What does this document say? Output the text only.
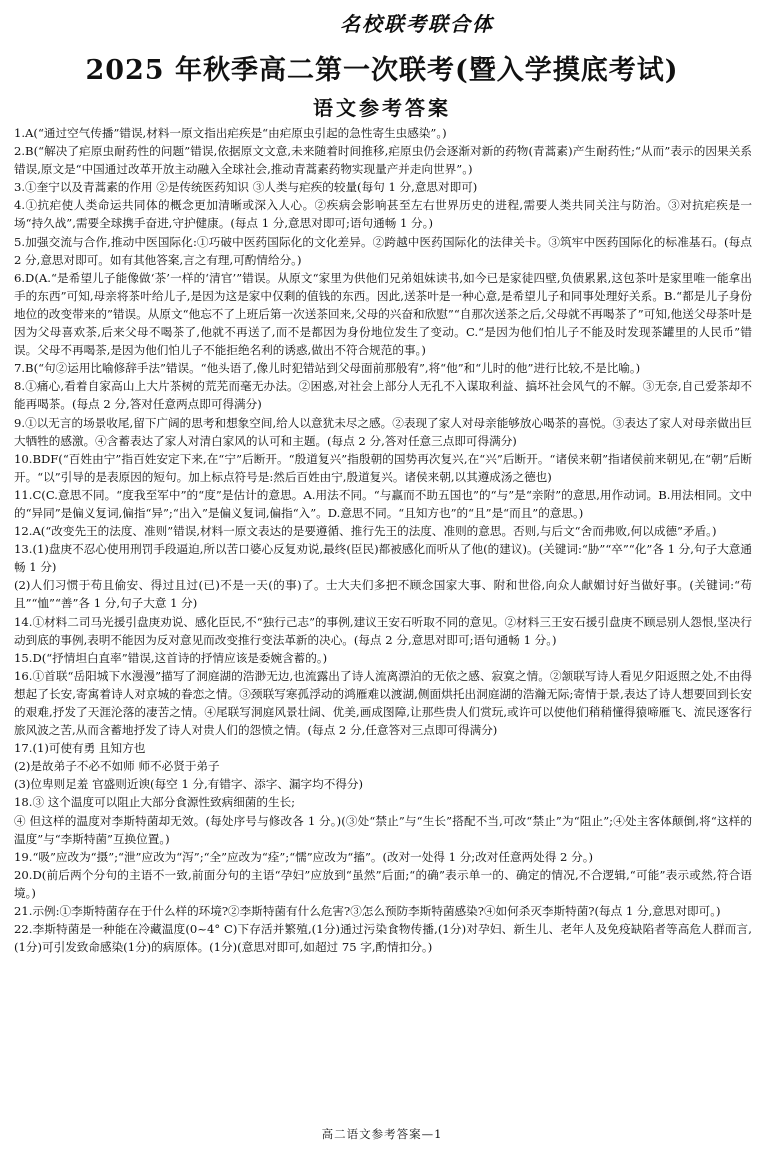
名校联考联合体
2025 年秋季高二第一次联考(暨入学摸底考试)
语文参考答案

1.A(“通过空气传播”错误,材料一原文指出疟疾是“由疟原虫引起的急性寄生虫感染”。)

2.B(“解决了疟原虫耐药性的问题”错误,依据原文文意,未来随着时间推移,疟原虫仍会逐渐对新的药物(青蒿素)产生耐药性;“从而”表示的因果关系错误,原文是“中国通过改革开放主动融入全球社会,推动青蒿素药物实现量产并走向世界”。)

3.①奎宁以及青蒿素的作用 ②是传统医药知识 ③人类与疟疾的较量(每句 1 分,意思对即可)

4.①抗疟使人类命运共同体的概念更加清晰或深入人心。②疾病会影响甚至左右世界历史的进程,需要人类共同关注与防治。③对抗疟疾是一场“持久战”,需要全球携手奋进,守护健康。(每点 1 分,意思对即可;语句通畅 1 分。)

5.加强交流与合作,推动中医国际化:①巧破中医药国际化的文化差异。②跨越中医药国际化的法律关卡。③筑牢中医药国际化的标准基石。(每点 2 分,意思对即可。如有其他答案,言之有理,可酌情给分。)

6.D(A.“是希望儿子能像做‘茶’一样的‘清官’”错误。从原文“家里为供他们兄弟姐妹读书,如今已是家徒四壁,负债累累,这包茶叶是家里唯一能拿出手的东西”可知,母亲将茶叶给儿子,是因为这是家中仅剩的值钱的东西。因此,送茶叶是一种心意,是希望儿子和同事处理好关系。B.“都是儿子身份地位的改变带来的”错误。从原文“他忘不了上班后第一次送茶回来,父母的兴奋和欣慰”“自那次送茶之后,父母就不再喝茶了”可知,他送父母茶叶是因为父母喜欢茶,后来父母不喝茶了,他就不再送了,而不是都因为身份地位发生了变动。C.“是因为他们怕儿子不能及时发现茶罐里的人民币”错误。父母不再喝茶,是因为他们怕儿子不能拒绝名利的诱惑,做出不符合规范的事。)

7.B(“句②运用比喻修辞手法”错误。“他头语了,像儿时犯错站到父母面前那般宥”,将“他”和“儿时的他”进行比较,不是比喻。)

8.①痛心,看着自家高山上大片茶树的荒芜而毫无办法。②困惑,对社会上部分人无孔不入谋取利益、搞坏社会风气的不解。③无奈,自己爱茶却不能再喝茶。(每点 2 分,答对任意两点即可得满分)

9.①以无言的场景收尾,留下广阔的思考和想象空间,给人以意犹未尽之感。②表现了家人对母亲能够放心喝茶的喜悦。③表达了家人对母亲做出巨大牺牲的感激。④含蓄表达了家人对清白家风的认可和主题。(每点 2 分,答对任意三点即可得满分)

10.BDF(“百姓由宁”指百姓安定下来,在“宁”后断开。“殷道复兴”指殷朝的国势再次复兴,在“兴”后断开。“诸侯来朝”指诸侯前来朝见,在“朝”后断开。“以”引导的是表原因的短句。加上标点符号是:然后百姓由宁,殷道复兴。诸侯来朝,以其遵成汤之德也)

11.C(C.意思不同。“度我至军中”的“度”是估计的意思。A.用法不同。“与赢而不助五国也”的“与”是“亲附”的意思,用作动词。B.用法相同。文中的“异同”是偏义复词,偏指“异”;“出入”是偏义复词,偏指“入”。D.意思不同。“且知方也”的“且”是“而且”的意思。)

12.A(“改变先王的法度、准则”错误,材料一原文表达的是要遵循、推行先王的法度、准则的意思。否则,与后文“舍而弗败,何以成德”矛盾。)

13.(1)盘庚不忍心使用刑罚手段逼迫,所以苦口婆心反复劝说,最终(臣民)都被感化而听从了他(的建议)。(关键词:“胁”“卒”“化”各 1 分,句子大意通畅 1 分)

(2)人们习惯于苟且偷安、得过且过(已)不是一天(的事)了。士大夫们多把不顾念国家大事、附和世俗,向众人献媚讨好当做好事。(关键词:“苟且”“恤”“善”各 1 分,句子大意 1 分)

14.①材料二司马光援引盘庚劝说、感化臣民,不“独行己志”的事例,建议王安石听取不同的意见。②材料三王安石援引盘庚不顾忌别人怨恨,坚决行动到底的事例,表明不能因为反对意见而改变推行变法革新的决心。(每点 2 分,意思对即可;语句通畅 1 分。)

15.D(“抒情坦白直率”错误,这首诗的抒情应该是委婉含蓄的。)

16.①首联“岳阳城下水漫漫”描写了洞庭湖的浩渺无边,也流露出了诗人流离漂泊的无依之感、寂寞之情。②颔联写诗人看见夕阳返照之处,不由得想起了长安,寄寓着诗人对京城的眷恋之情。③颈联写寒孤浮动的鸿雁难以渡湖,侧面烘托出洞庭湖的浩瀚无际;寄情于景,表达了诗人想要回到长安的艰难,抒发了天涯沦落的凄苦之情。④尾联写洞庭风景壮阔、优美,画成图障,让那些贵人们赏玩,或许可以使他们稍稍懂得猿啼雁飞、流民逐客行旅风波之苦,从而含蓄地抒发了诗人对贵人们的怨愤之情。(每点 2 分,任意答对三点即可得满分)

17.(1)可使有勇 且知方也

(2)是故弟子不必不如师 师不必贤于弟子

(3)位卑则足羞 官盛则近谀(每空 1 分,有错字、添字、漏字均不得分)

18.③ 这个温度可以阻止大部分食源性致病细菌的生长;

④ 但这样的温度对李斯特菌却无效。(每处序号与修改各 1 分。)(③处“禁止”与“生长”搭配不当,可改“禁止”为“阻止”;④处主客体颠倒,将“这样的温度”与“李斯特菌”互换位置。)

19.“吸”应改为“摄”;“泄”应改为“泻”;“全”应改为“痊”;“懦”应改为“搐”。(改对一处得 1 分;改对任意两处得 2 分。)

20.D(前后两个分句的主语不一致,前面分句的主语“孕妇”应放到“虽然”后面;“的确”表示单一的、确定的情况,不合逻辑,“可能”表示或然,符合语境。)

21.示例:①李斯特菌存在于什么样的环境?②李斯特菌有什么危害?③怎么预防李斯特菌感染?④如何杀灭李斯特菌?(每点 1 分,意思对即可。)

22.李斯特菌是一种能在冷藏温度(0~4° C)下存活并繁殖,(1分)通过污染食物传播,(1分)对孕妇、新生儿、老年人及免疫缺陷者等高危人群而言,(1分)可引发致命感染(1分)的病原体。(1分)(意思对即可,如超过 75 字,酌情扣分。)

高二语文参考答案—1
